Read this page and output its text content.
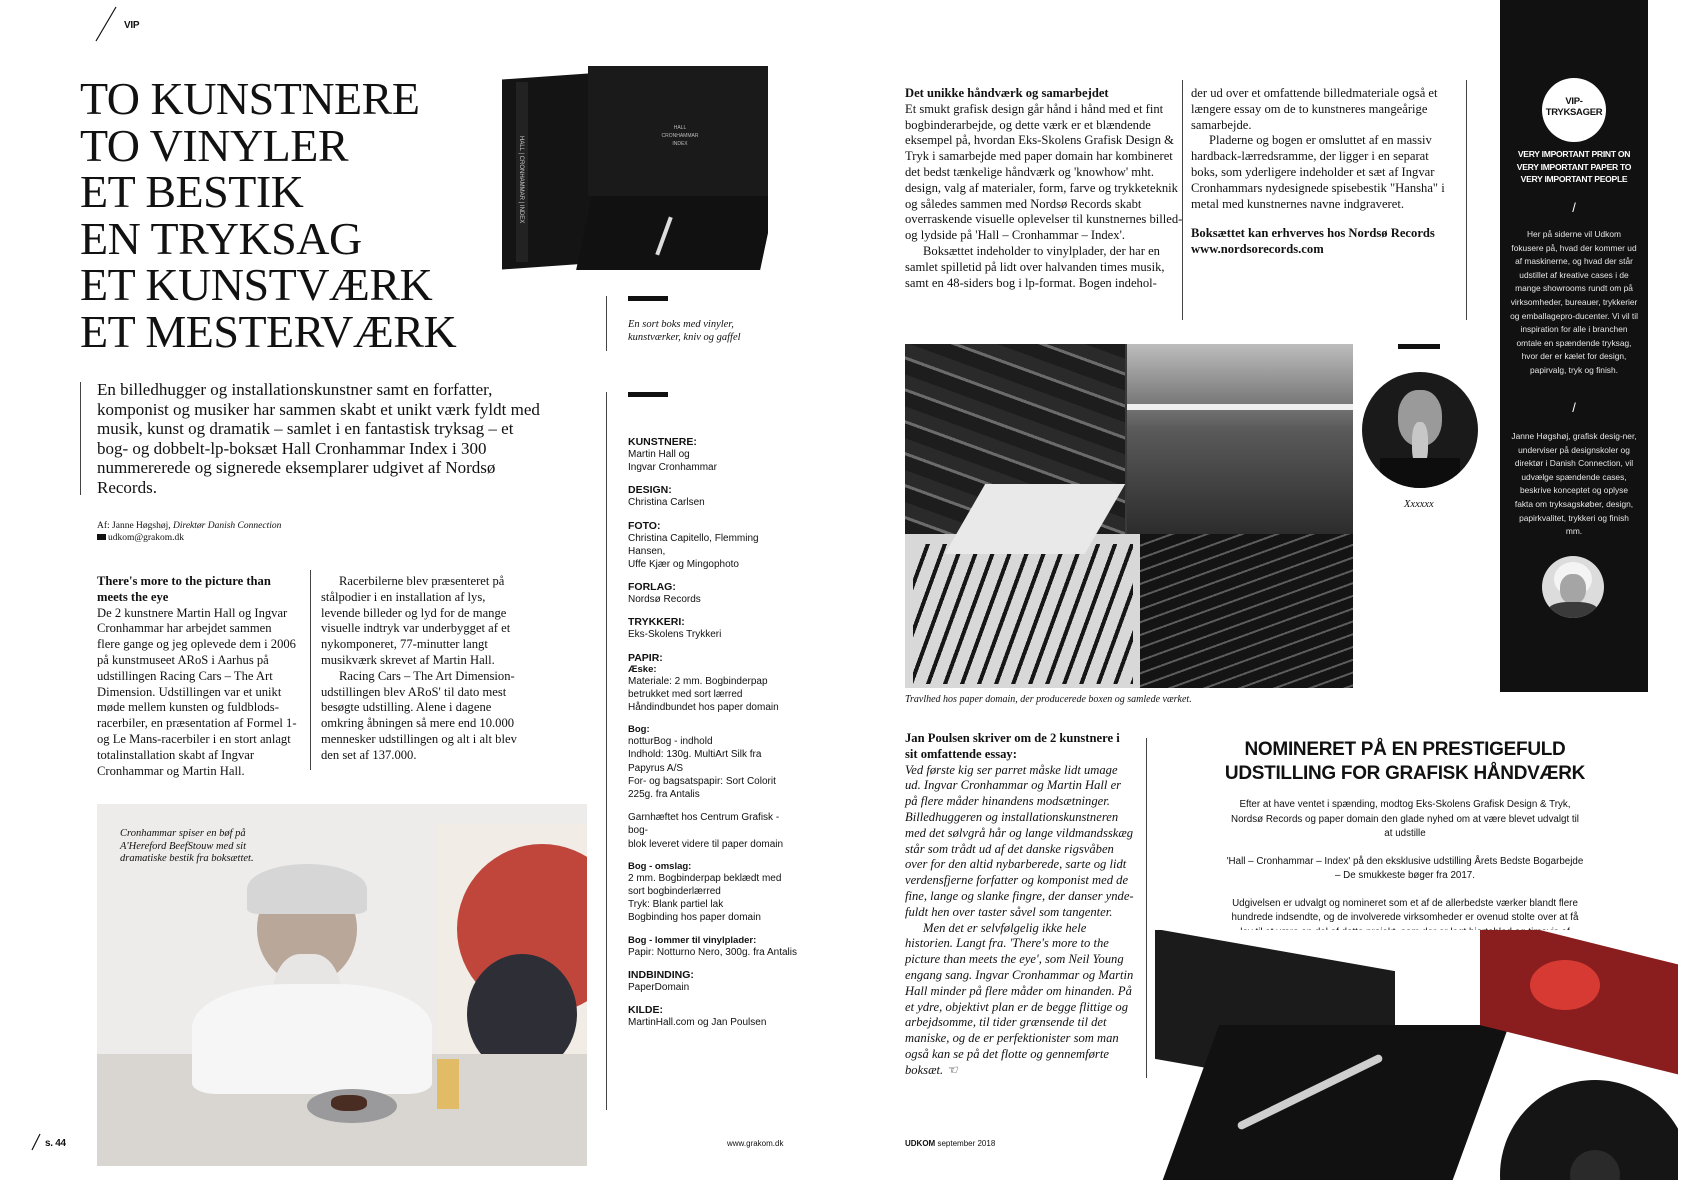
VIP
TO KUNSTNERE
TO VINYLER
ET BESTIK
EN TRYKSAG
ET KUNSTVÆRK
ET MESTERVÆRK
En billedhugger og installationskunstner samt en forfatter, komponist og musiker har sammen skabt et unikt værk fyldt med musik, kunst og dramatik – samlet i en fantastisk tryksag – et bog- og dobbelt-lp-boksæt Hall Cronhammar Index i 300 nummererede og signerede eksemplarer udgivet af Nordsø Records.
Af: Janne Høgshøj, Direktør Danish Connection
udkom@grakom.dk
HALL | CRONHAMMAR | INDEX
HALL
CRONHAMMAR
INDEX
En sort boks med vinyler, kunstværker, kniv og gaffel

There's more to the picture than meets the eye

De 2 kunstnere Martin Hall og Ingvar Cronhammar har arbejdet sammen flere gange og jeg oplevede dem i 2006 på kunstmuseet ARoS i Aarhus på udstillingen Racing Cars – The Art Dimension. Udstillingen var et unikt møde mellem kunsten og fuldblods-racerbiler, en præsentation af Formel 1- og Le Mans-racerbiler i en stort anlagt totalinstallation skabt af Ingvar Cronhammar og Martin Hall.

Racerbilerne blev præsenteret på stålpodier i en installation af lys, levende billeder og lyd for de mange visuelle indtryk var underbygget af et nykomponeret, 77-minutter langt musikværk skrevet af Martin Hall.

Racing Cars – The Art Dimension-udstillingen blev ARoS' til dato mest besøgte udstilling. Alene i dagene omkring åbningen så mere end 10.000 mennesker udstillingen og alt i alt blev den set af 137.000.

Cronhammar spiser en bøf på A'Hereford BeefStouw med sit dramatiske bestik fra boksættet.
KUNSTNERE:
Martin Hall og
Ingvar Cronhammar
DESIGN:
Christina Carlsen
FOTO:
Christina Capitello, Flemming Hansen,
Uffe Kjær og Mingophoto
FORLAG:
Nordsø Records
TRYKKERI:
Eks-Skolens Trykkeri
PAPIR:
Æske:
Materiale: 2 mm. Bogbinderpap
betrukket med sort lærred
Håndindbundet hos paper domain
Bog:
notturBog - indhold
Indhold: 130g. MultiArt Silk fra
Papyrus A/S
For- og bagsatspapir: Sort Colorit
225g. fra Antalis
Garnhæftet hos Centrum Grafisk - bog-
blok leveret videre til paper domain
Bog - omslag:
2 mm. Bogbinderpap beklædt med
sort bogbinderlærred
Tryk: Blank partiel lak
Bogbinding hos paper domain
Bog - lommer til vinylplader:
Papir: Notturno Nero, 300g. fra Antalis
INDBINDING:
PaperDomain
KILDE:
MartinHall.com og Jan Poulsen
s. 44	www.grakom.dk

Det unikke håndværk og samarbejdet

Et smukt grafisk design går hånd i hånd med et fint bogbinderarbejde, og dette værk er et blændende eksempel på, hvordan Eks-Skolens Grafisk Design & Tryk i samarbejde med paper domain har kombineret det bedst tænkelige håndværk og 'knowhow' mht. design, valg af materialer, form, farve og trykketeknik og således sammen med Nordsø Records skabt overraskende visuelle oplevelser til kunstnernes billed- og lydside på 'Hall – Cronhammar – Index'.

Boksættet indeholder to vinylplader, der har en samlet spilletid på lidt over halvanden times musik, samt en 48-siders bog i lp-format. Bogen indehol-

der ud over et omfattende billedmateriale også et længere essay om de to kunstneres mangeårige samarbejde.

Pladerne og bogen er omsluttet af en massiv hardback-lærredsramme, der ligger i en separat boks, som yderligere indeholder et sæt af Ingvar Cronhammars nydesignede spisebestik "Hansha" i metal med kunstnernes navne indgraveret.

Boksættet kan erhverves hos Nordsø Records www.nordsorecords.com

Travlhed hos paper domain, der producerede boxen og samlede værket.
Xxxxxx

Jan Poulsen skriver om de 2 kunstnere i sit omfattende essay:

Ved første kig ser parret måske lidt umage ud. Ingvar Cronhammar og Martin Hall er på flere måder hinandens modsætninger. Billedhuggeren og installationskunstneren med det sølvgrå hår og lange vildmandsskæg står som trådt ud af det danske rigsvåben over for den altid nybarberede, sarte og lidt verdensfjerne forfatter og komponist med de fine, lange og slanke fingre, der danser ynde-fuldt hen over taster såvel som tangenter.

Men det er selvfølgelig ikke hele historien. Langt fra. 'There's more to the picture than meets the eye', som Neil Young engang sang. Ingvar Cronhammar og Martin Hall minder på flere måder om hinanden. På et ydre, objektivt plan er de begge flittige og arbejdsomme, til tider grænsende til det maniske, og de er perfektionister som man også kan se på det flotte og gennemførte boksæt. ☜

NOMINERET PÅ EN PRESTIGEFULD
UDSTILLING FOR GRAFISK HÅNDVÆRK

Efter at have ventet i spænding, modtog Eks-Skolens Grafisk Design & Tryk, Nordsø Records og paper domain den glade nyhed om at være blevet udvalgt til at udstille

'Hall – Cronhammar – Index' på den eksklusive udstilling Årets Bedste Bogarbejde – De smukkeste bøger fra 2017.

Udgivelsen er udvalgt og nomineret som et af de allerbedste værker blandt flere hundrede indsendte, og de involverede virksomheder er ovenud stolte over at få

UDKOM september 2018
VIP-
TRYKSAGER
VERY IMPORTANT PRINT ON VERY IMPORTANT PAPER TO VERY IMPORTANT PEOPLE
/
Her på siderne vil Udkom fokusere på, hvad der kommer ud af maskinerne, og hvad der står udstillet af kreative cases i de mange showrooms rundt om på virksomheder, bureauer, trykkerier og emballagepro-ducenter. Vi vil til inspiration for alle i branchen omtale en spændende tryksag, hvor der er kælet for design, papirvalg, tryk og finish.
/
Janne Høgshøj, grafisk desig-ner, underviser på designskoler og direktør i Danish Connection, vil udvælge spændende cases, beskrive konceptet og oplyse fakta om tryksagskøber, design, papirkvalitet, trykkeri og finish mm.
